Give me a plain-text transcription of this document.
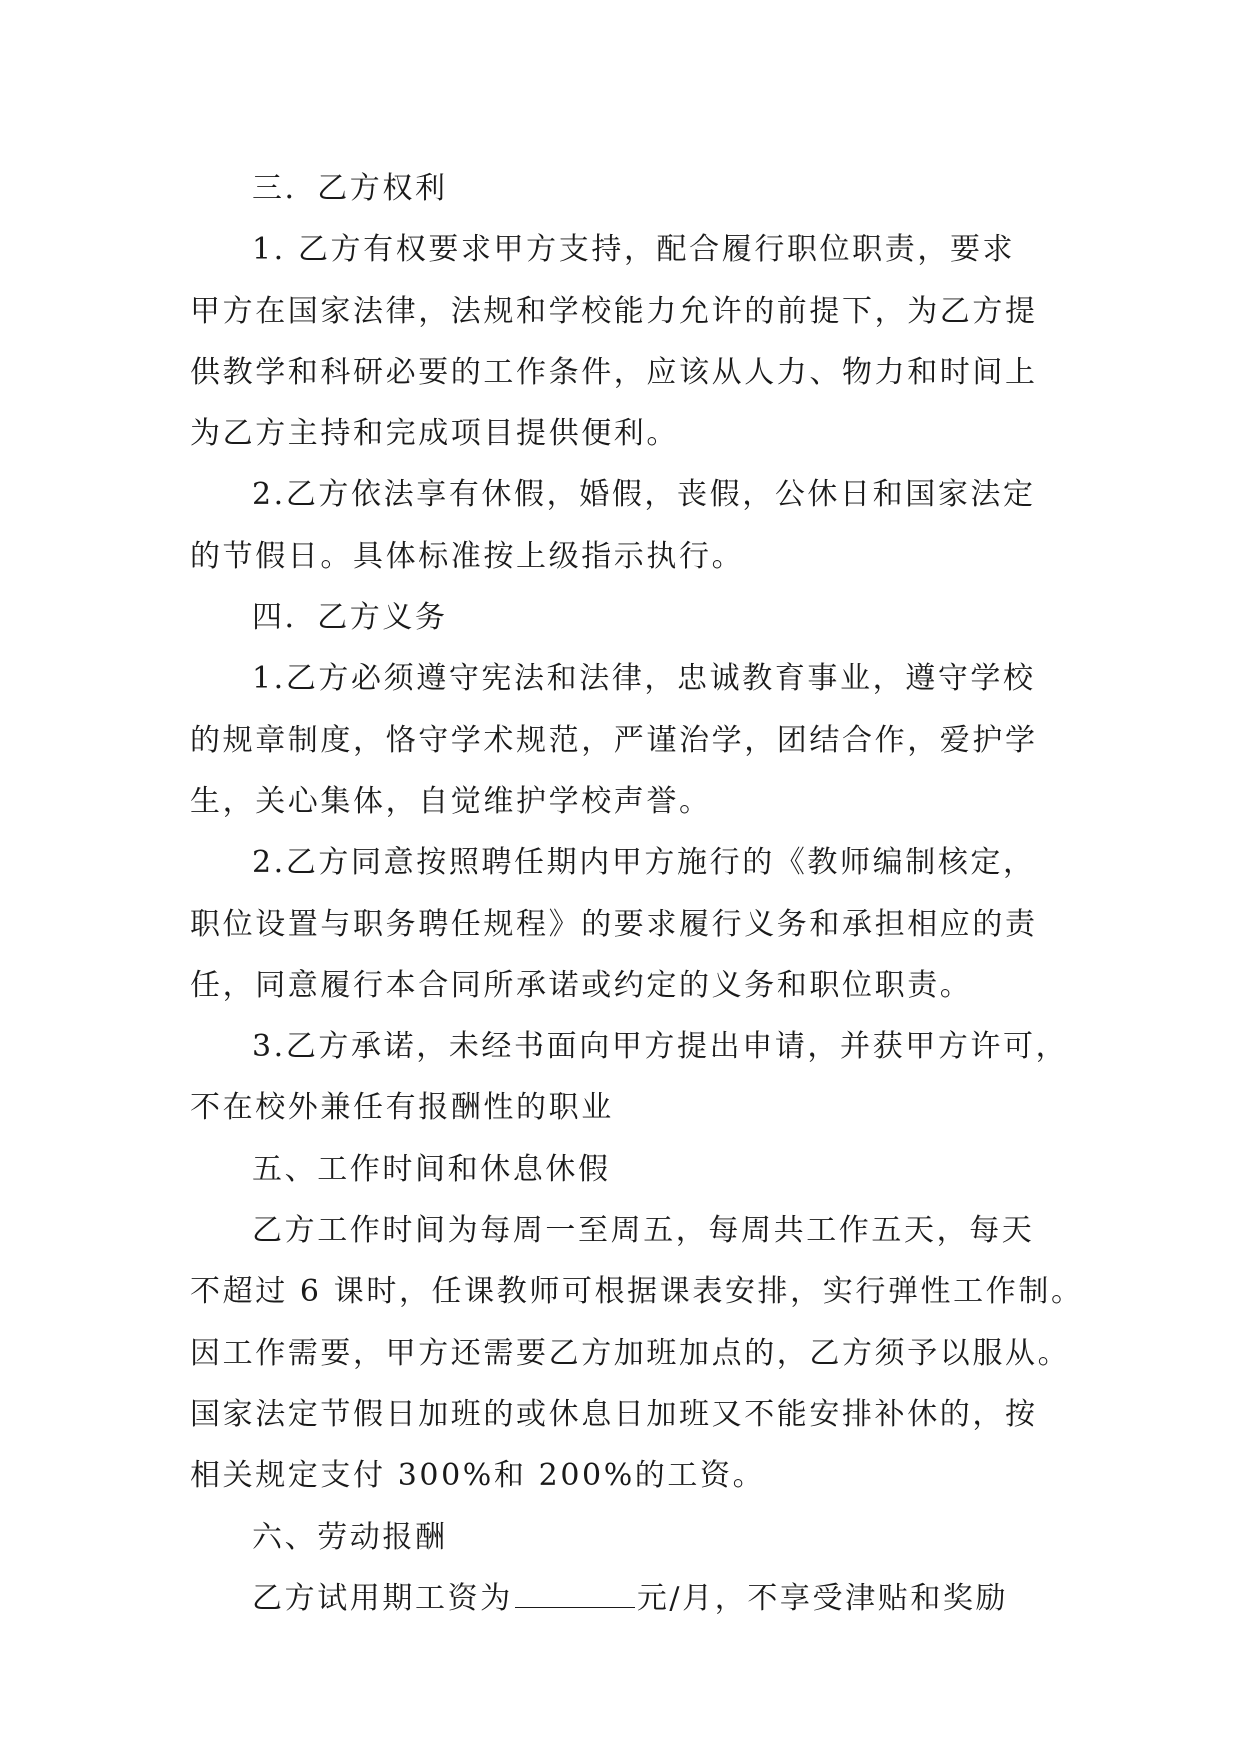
三．乙方权利
1. 乙方有权要求甲方支持，配合履行职位职责，要求
甲方在国家法律，法规和学校能力允许的前提下，为乙方提
供教学和科研必要的工作条件，应该从人力、物力和时间上
为乙方主持和完成项目提供便利。
2.乙方依法享有休假，婚假，丧假，公休日和国家法定
的节假日。具体标准按上级指示执行。
四．乙方义务
1.乙方必须遵守宪法和法律，忠诚教育事业，遵守学校
的规章制度，恪守学术规范，严谨治学，团结合作，爱护学
生，关心集体，自觉维护学校声誉。
2.乙方同意按照聘任期内甲方施行的《教师编制核定，
职位设置与职务聘任规程》的要求履行义务和承担相应的责
任，同意履行本合同所承诺或约定的义务和职位职责。
3.乙方承诺，未经书面向甲方提出申请，并获甲方许可，
不在校外兼任有报酬性的职业
五、工作时间和休息休假
乙方工作时间为每周一至周五，每周共工作五天，每天
不超过 6 课时，任课教师可根据课表安排，实行弹性工作制。
因工作需要，甲方还需要乙方加班加点的，乙方须予以服从。
国家法定节假日加班的或休息日加班又不能安排补休的，按
相关规定支付 300%和 200%的工资。
六、劳动报酬
乙方试用期工资为	元/月，不享受津贴和奖励
